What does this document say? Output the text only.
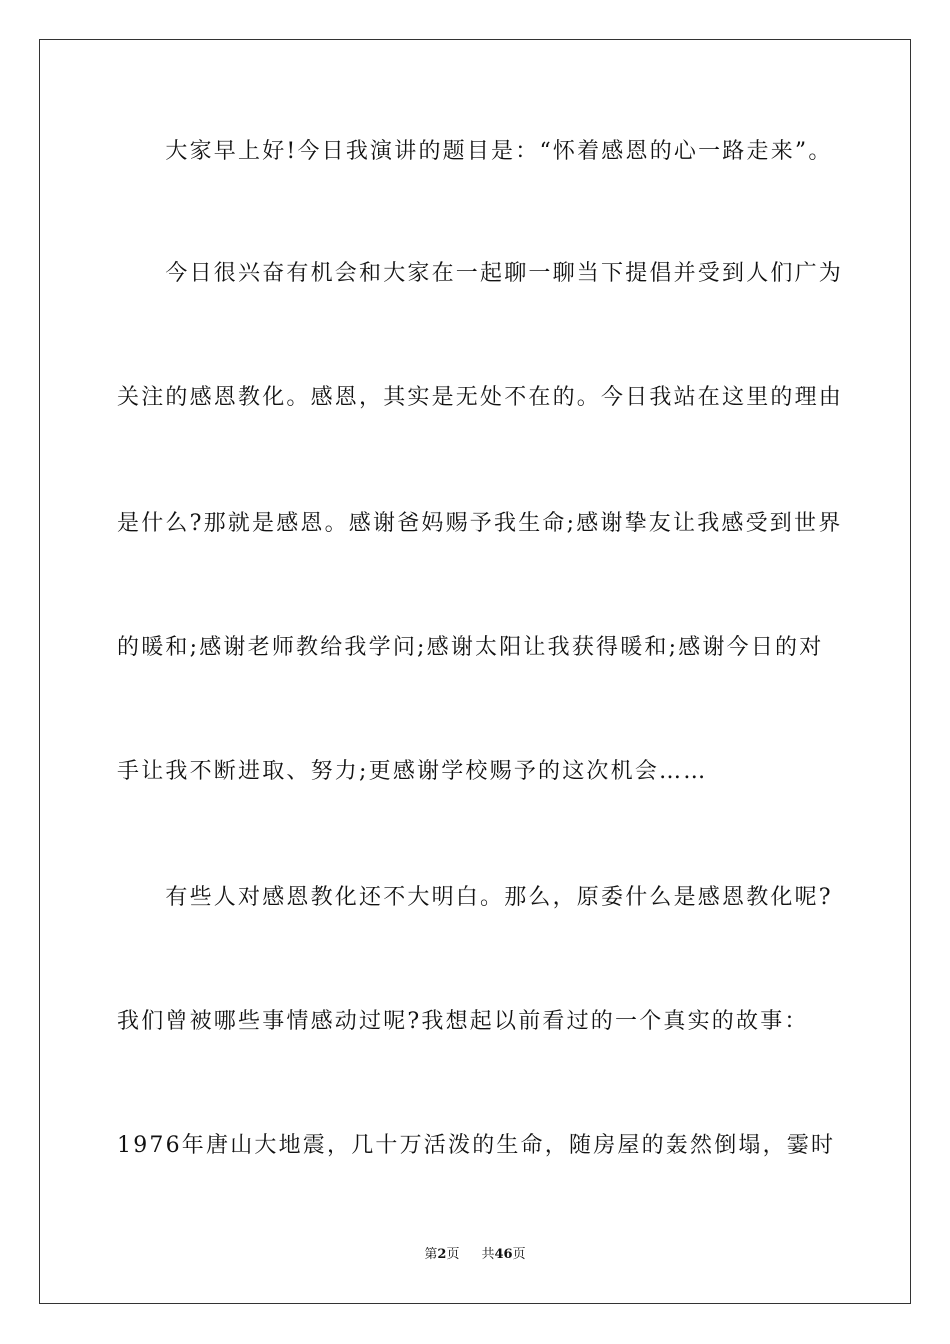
　　大家早上好!今日我演讲的题目是：“怀着感恩的心一路走来”。
　　今日很兴奋有机会和大家在一起聊一聊当下提倡并受到人们广为
关注的感恩教化。感恩，其实是无处不在的。今日我站在这里的理由
是什么?那就是感恩。感谢爸妈赐予我生命;感谢挚友让我感受到世界
的暖和;感谢老师教给我学问;感谢太阳让我获得暖和;感谢今日的对
手让我不断进取、努力;更感谢学校赐予的这次机会……
　　有些人对感恩教化还不大明白。那么，原委什么是感恩教化呢?
我们曾被哪些事情感动过呢?我想起以前看过的一个真实的故事：
1976年唐山大地震，几十万活泼的生命，随房屋的轰然倒塌，霎时
第2页 共46页
